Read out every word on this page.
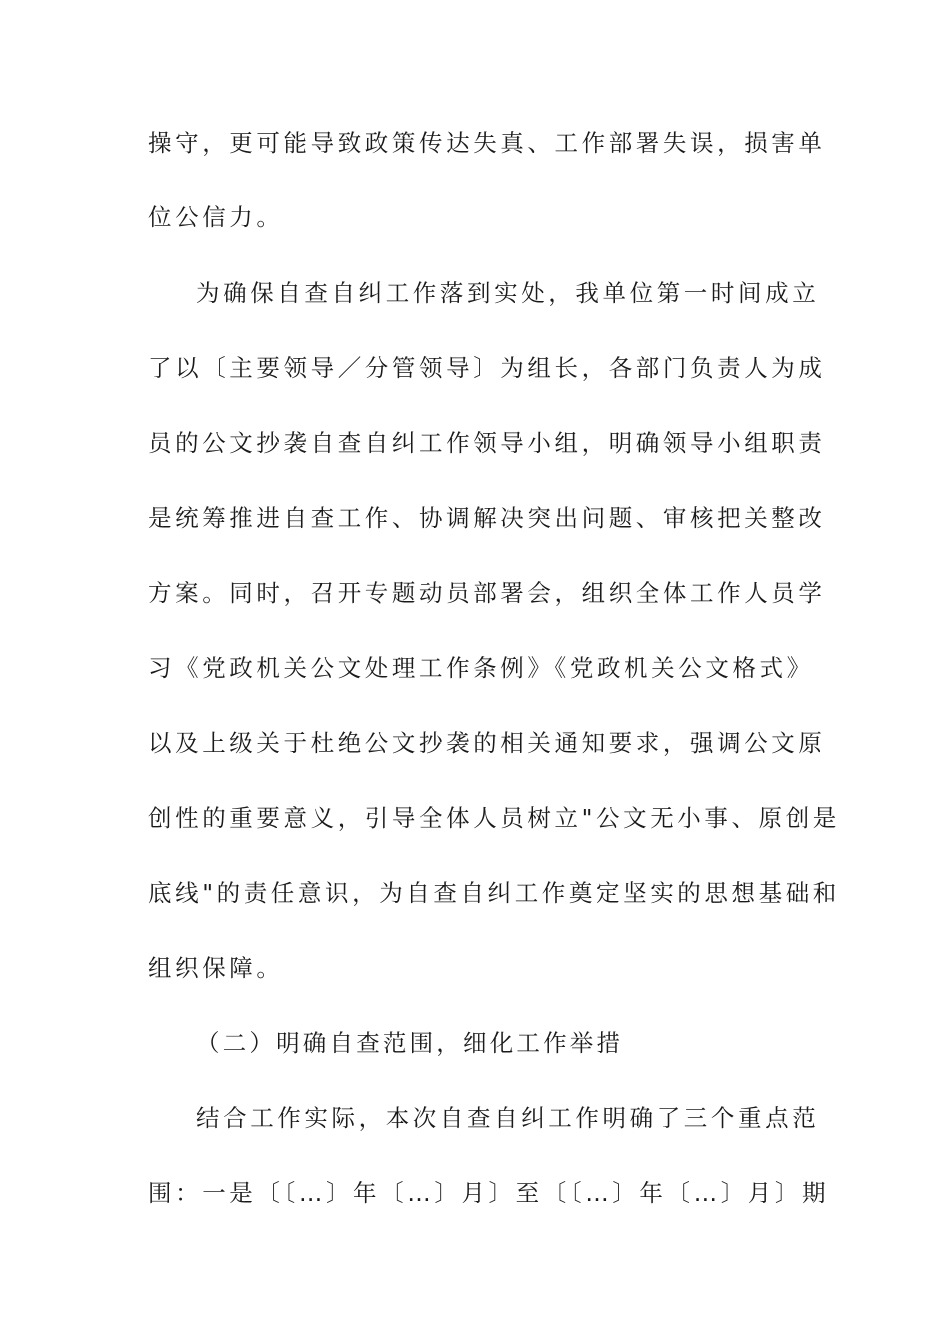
操守，更可能导致政策传达失真、工作部署失误，损害单

位公信力。

为确保自查自纠工作落到实处，我单位第一时间成立

了以〔主要领导／分管领导〕为组长，各部门负责人为成

员的公文抄袭自查自纠工作领导小组，明确领导小组职责

是统筹推进自查工作、协调解决突出问题、审核把关整改

方案。同时，召开专题动员部署会，组织全体工作人员学

习《党政机关公文处理工作条例》《党政机关公文格式》

以及上级关于杜绝公文抄袭的相关通知要求，强调公文原

创性的重要意义，引导全体人员树立"公文无小事、原创是

底线"的责任意识，为自查自纠工作奠定坚实的思想基础和

组织保障。

（二）明确自查范围，细化工作举措

结合工作实际，本次自查自纠工作明确了三个重点范

围：一是〔〔…〕年〔…〕月〕至〔〔…〕年〔…〕月〕期
